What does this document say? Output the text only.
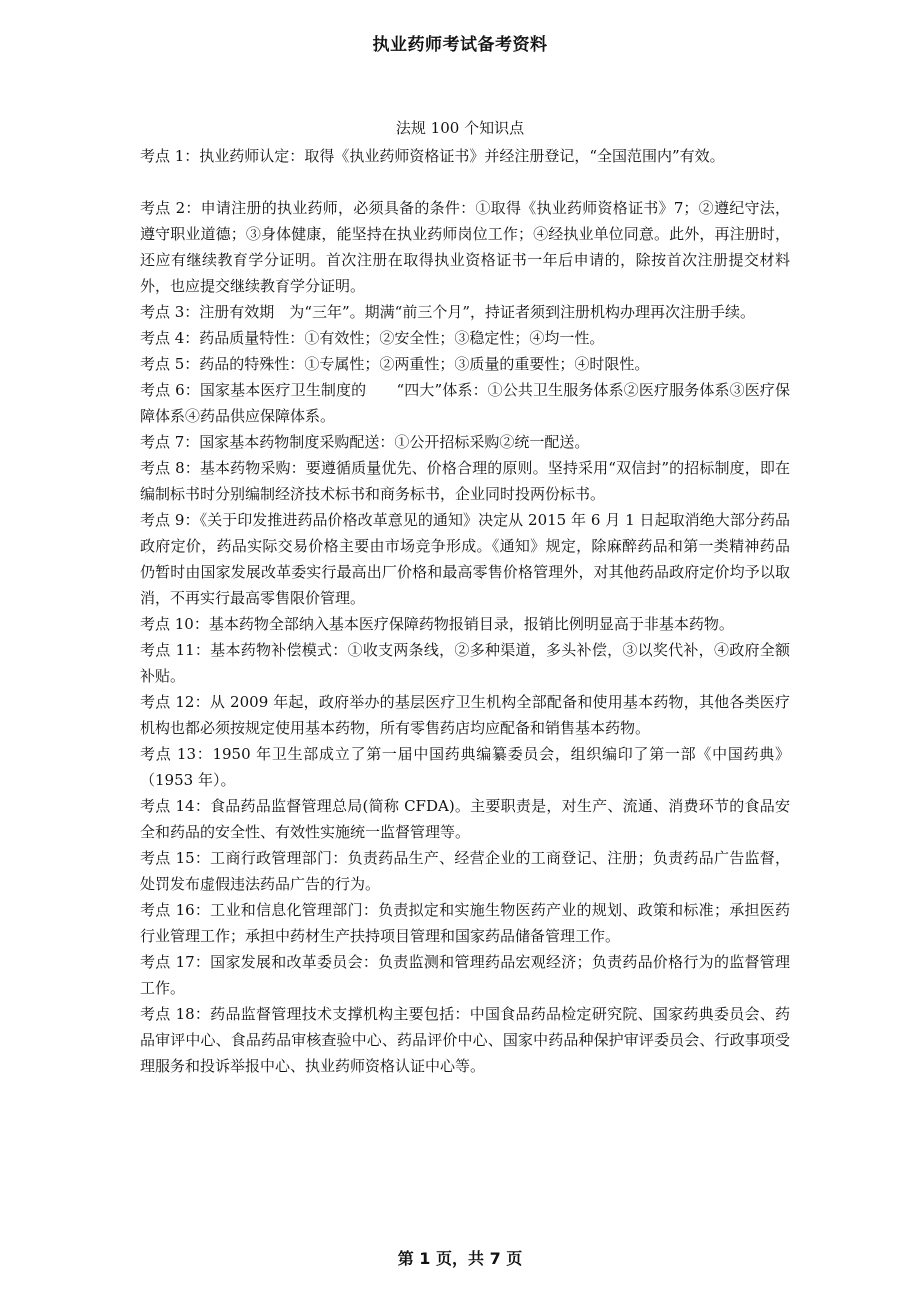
执业药师考试备考资料
法规 100 个知识点

考点 1：执业药师认定：取得《执业药师资格证书》并经注册登记，“全国范围内”有效。

考点 2：申请注册的执业药师，必须具备的条件：①取得《执业药师资格证书》7；②遵纪守法，遵守职业道德；③身体健康，能坚持在执业药师岗位工作；④经执业单位同意。此外，再注册时，还应有继续教育学分证明。首次注册在取得执业资格证书一年后申请的，除按首次注册提交材料外，也应提交继续教育学分证明。

考点 3：注册有效期　为“三年”。期满“前三个月”，持证者须到注册机构办理再次注册手续。

考点 4：药品质量特性：①有效性；②安全性；③稳定性；④均一性。

考点 5：药品的特殊性：①专属性；②两重性；③质量的重要性；④时限性。

考点 6：国家基本医疗卫生制度的　　“四大”体系：①公共卫生服务体系②医疗服务体系③医疗保障体系④药品供应保障体系。

考点 7：国家基本药物制度采购配送：①公开招标采购②统一配送。

考点 8：基本药物采购：要遵循质量优先、价格合理的原则。坚持采用“双信封”的招标制度，即在编制标书时分别编制经济技术标书和商务标书，企业同时投两份标书。

考点 9：《关于印发推进药品价格改革意见的通知》决定从 2015 年 6 月 1 日起取消绝大部分药品政府定价，药品实际交易价格主要由市场竞争形成。《通知》规定，除麻醉药品和第一类精神药品仍暂时由国家发展改革委实行最高出厂价格和最高零售价格管理外，对其他药品政府定价均予以取消，不再实行最高零售限价管理。

考点 10：基本药物全部纳入基本医疗保障药物报销目录，报销比例明显高于非基本药物。

考点 11：基本药物补偿模式：①收支两条线，②多种渠道，多头补偿，③以奖代补，④政府全额补贴。

考点 12：从 2009 年起，政府举办的基层医疗卫生机构全部配备和使用基本药物，其他各类医疗机构也都必须按规定使用基本药物，所有零售药店均应配备和销售基本药物。

考点 13：1950 年卫生部成立了第一届中国药典编纂委员会，组织编印了第一部《中国药典》（1953 年）。

考点 14：食品药品监督管理总局(简称 CFDA)。主要职责是，对生产、流通、消费环节的食品安全和药品的安全性、有效性实施统一监督管理等。

考点 15：工商行政管理部门：负责药品生产、经营企业的工商登记、注册；负责药品广告监督，处罚发布虚假违法药品广告的行为。

考点 16：工业和信息化管理部门：负责拟定和实施生物医药产业的规划、政策和标准；承担医药行业管理工作；承担中药材生产扶持项目管理和国家药品储备管理工作。

考点 17：国家发展和改革委员会：负责监测和管理药品宏观经济；负责药品价格行为的监督管理工作。

考点 18：药品监督管理技术支撑机构主要包括：中国食品药品检定研究院、国家药典委员会、药品审评中心、食品药品审核查验中心、药品评价中心、国家中药品种保护审评委员会、行政事项受理服务和投诉举报中心、执业药师资格认证中心等。

第 1 页，共 7 页
